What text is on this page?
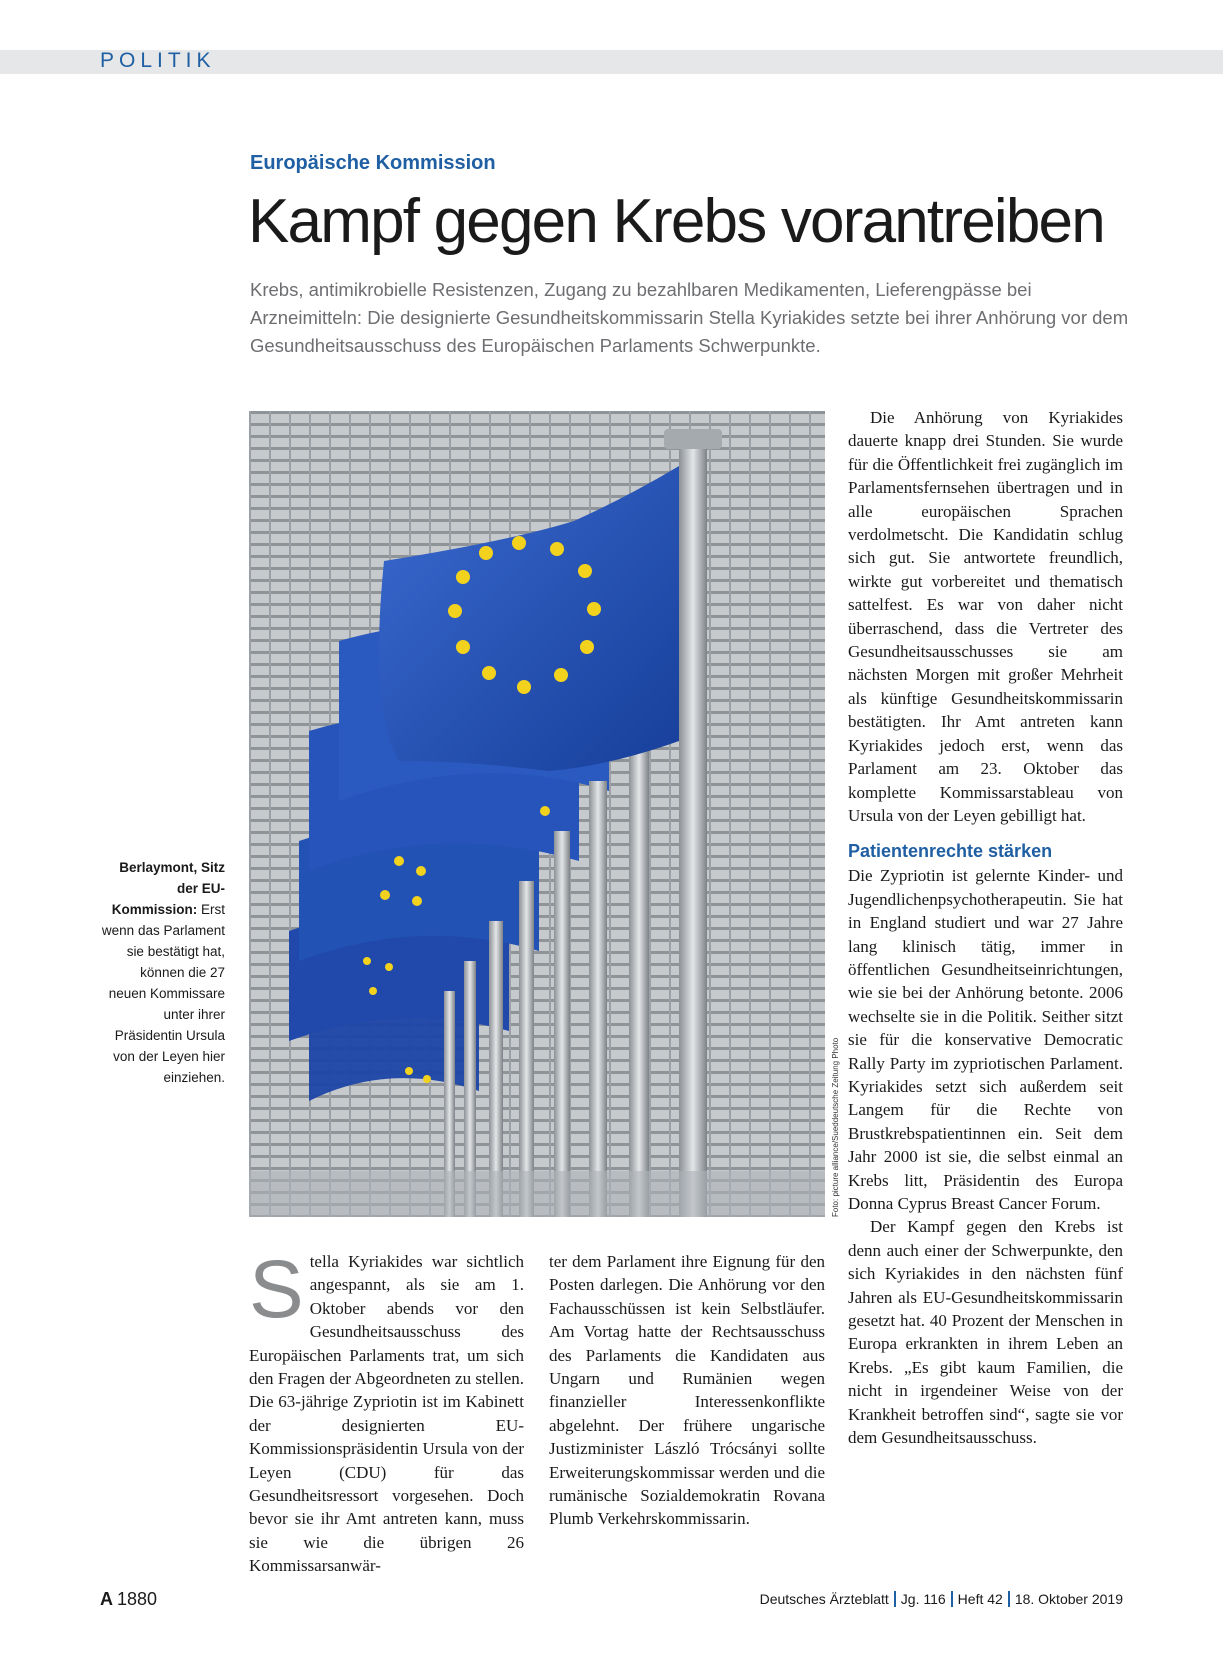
POLITIK
Europäische Kommission
Kampf gegen Krebs vorantreiben

Krebs, antimikrobielle Resistenzen, Zugang zu bezahlbaren Medikamenten, Lieferengpässe bei Arzneimitteln: Die designierte Gesundheitskommissarin Stella Kyriakides setzte bei ihrer Anhörung vor dem Gesundheitsausschuss des Europäischen Parlaments Schwerpunkte.

Foto: picture alliance/Sueddeutsche Zeitung Photo
Berlaymont, Sitz der EU-Kommission: Erst wenn das Parlament sie bestätigt hat, können die 27 neuen Kommissare unter ihrer Präsidentin Ursula von der Leyen hier einziehen.
S tella Kyriakides war sichtlich angespannt, als sie am 1. Oktober abends vor den Gesundheitsausschuss des Europäischen Parlaments trat, um sich den Fragen der Abgeordneten zu stellen. Die 63-jährige Zypriotin ist im Kabinett der designierten EU-Kommissionspräsidentin Ursula von der Leyen (CDU) für das Gesundheitsressort vorgesehen. Doch bevor sie ihr Amt antreten kann, muss sie wie die übrigen 26 Kommissarsanwär-

ter dem Parlament ihre Eignung für den Posten darlegen. Die Anhörung vor den Fachausschüssen ist kein Selbstläufer. Am Vortag hatte der Rechtsausschuss des Parlaments die Kandidaten aus Ungarn und Rumänien wegen finanzieller Interessenkonflikte abgelehnt. Der frühere ungarische Justizminister László Trócsányi sollte Erweiterungskommissar werden und die rumänische Sozialdemokratin Rovana Plumb Verkehrskommissarin.

Die Anhörung von Kyriakides dauerte knapp drei Stunden. Sie wurde für die Öffentlichkeit frei zugänglich im Parlamentsfernsehen übertragen und in alle europäischen Sprachen verdolmetscht. Die Kandidatin schlug sich gut. Sie antwortete freundlich, wirkte gut vorbereitet und thematisch sattelfest. Es war von daher nicht überraschend, dass die Vertreter des Gesundheitsausschusses sie am nächsten Morgen mit großer Mehrheit als künftige Gesundheitskommissarin bestätigten. Ihr Amt antreten kann Kyriakides jedoch erst, wenn das Parlament am 23. Oktober das komplette Kommissarstableau von Ursula von der Leyen gebilligt hat.

Patientenrechte stärken

Die Zypriotin ist gelernte Kinder- und Jugendlichenpsychotherapeutin. Sie hat in England studiert und war 27 Jahre lang klinisch tätig, immer in öffentlichen Gesundheitseinrichtungen, wie sie bei der Anhörung betonte. 2006 wechselte sie in die Politik. Seither sitzt sie für die konservative Democratic Rally Party im zypriotischen Parlament. Kyriakides setzt sich außerdem seit Langem für die Rechte von Brustkrebspatientinnen ein. Seit dem Jahr 2000 ist sie, die selbst einmal an Krebs litt, Präsidentin des Europa Donna Cyprus Breast Cancer Forum.

Der Kampf gegen den Krebs ist denn auch einer der Schwerpunkte, den sich Kyriakides in den nächsten fünf Jahren als EU-Gesundheitskommissarin gesetzt hat. 40 Prozent der Menschen in Europa erkrankten in ihrem Leben an Krebs. „Es gibt kaum Familien, die nicht in irgendeiner Weise von der Krankheit betroffen sind“, sagte sie vor dem Gesundheitsausschuss.

A 1880	Deutsches Ärzteblatt Jg. 116 Heft 42 18. Oktober 2019
